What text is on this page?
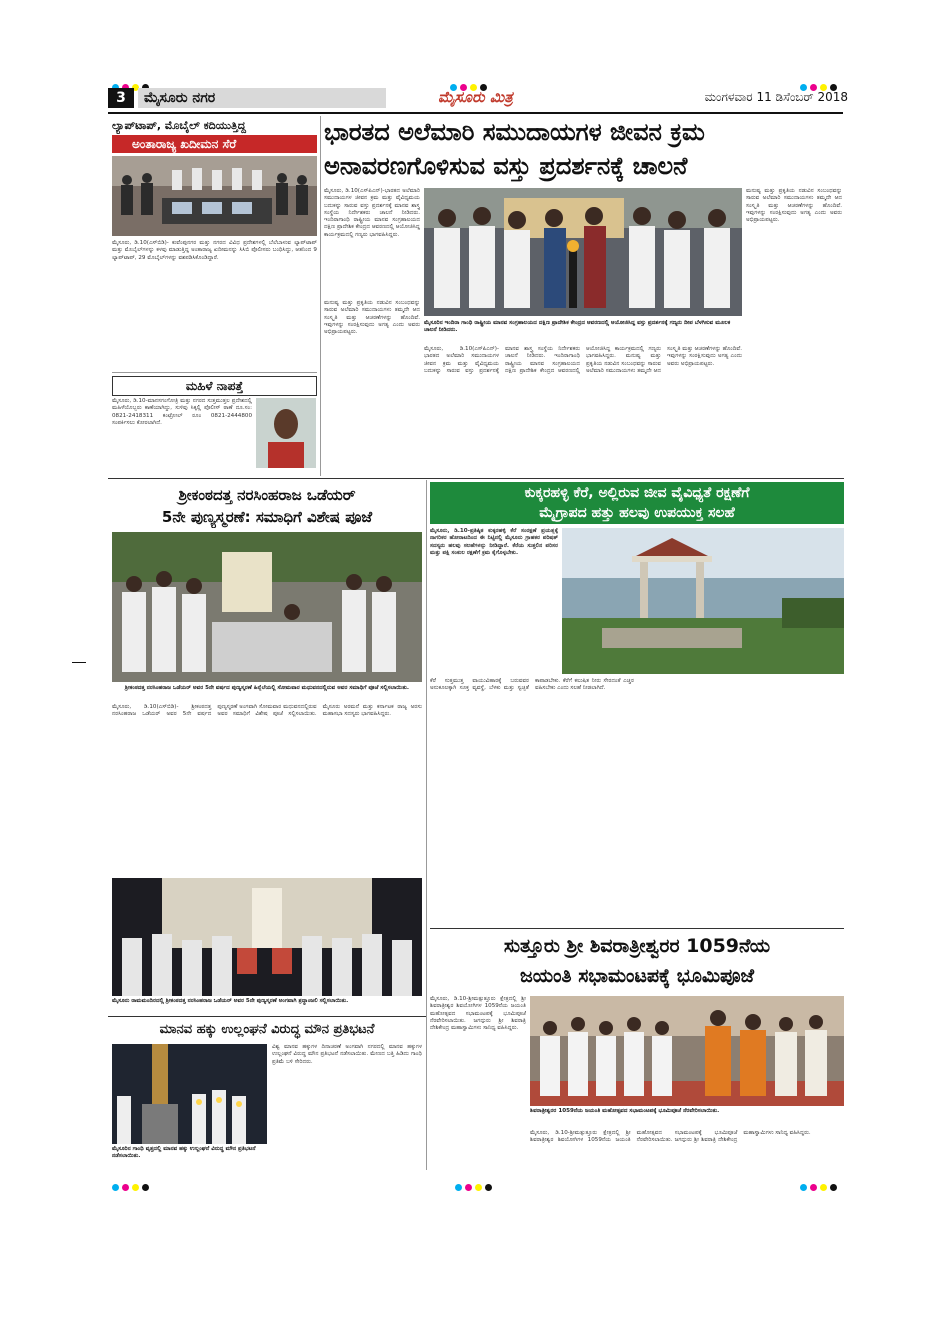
3	ಮೈಸೂರು ನಗರ	ಮೈಸೂರು ಮಿತ್ರ	ಮಂಗಳವಾರ 11 ಡಿಸೆಂಬರ್ 2018
ಲ್ಯಾಪ್‌ಟಾಪ್, ಮೊಬೈಲ್ ಕದಿಯುತ್ತಿದ್ದ
ಅಂತಾರಾಜ್ಯ ಖದೀಮನ ಸೆರೆ
ಮೈಸೂರು, ಡಿ.10(ಎಸ್‌ಬಿಡಿ)- ಕುವೆಂಪುನಗರ ಮತ್ತು ನಗರದ ವಿವಿಧ ಪ್ರದೇಶಗಳಲ್ಲಿ ಬೆಲೆಬಾಳುವ ಲ್ಯಾಪ್‌ಟಾಪ್ ಮತ್ತು ಮೊಬೈಲ್‌ಗಳನ್ನು ಕಳವು ಮಾಡುತ್ತಿದ್ದ ಅಂತಾರಾಜ್ಯ ಖದೀಮನನ್ನು ಸಿಸಿಬಿ ಪೊಲೀಸರು ಬಂಧಿಸಿದ್ದು, ಆತನಿಂದ 9 ಲ್ಯಾಪ್‌ಟಾಪ್, 29 ಮೊಬೈಲ್‌ಗಳನ್ನು ವಶಪಡಿಸಿಕೊಂಡಿದ್ದಾರೆ.
ಮಹಿಳೆ ನಾಪತ್ತೆ
ಮೈಸೂರು, ಡಿ.10-ಮಾನಸಗಂಗೋತ್ರಿ ಮತ್ತು ನಗರದ ಸುತ್ತಮುತ್ತಲ ಪ್ರದೇಶದಲ್ಲಿ ಮಹಿಳೆಯೊಬ್ಬರು ಕಾಣೆಯಾಗಿದ್ದು, ಸುಳಿವು ಸಿಕ್ಕಲ್ಲಿ ಪೊಲೀಸ್ ಠಾಣೆ ದೂ.ಸಂ: 0821-2418311 ಕಂಟ್ರೋಲ್ ರೂಂ 0821-2444800 ಸಂಪರ್ಕಿಸಲು ಕೋರಲಾಗಿದೆ.
ಭಾರತದ ಅಲೆಮಾರಿ ಸಮುದಾಯಗಳ ಜೀವನ ಕ್ರಮ
ಅನಾವರಣಗೊಳಿಸುವ ವಸ್ತು ಪ್ರದರ್ಶನಕ್ಕೆ ಚಾಲನೆ
ಮೈಸೂರು, ಡಿ.10(ಎಸ್‌ಪಿಎನ್)-ಭಾರತದ ಅಲೆಮಾರಿ ಸಮುದಾಯಗಳ ಜೀವನ ಕ್ರಮ ಮತ್ತು ವೈವಿಧ್ಯಮಯ ಬದುಕನ್ನು ಸಾರುವ ವಸ್ತು ಪ್ರದರ್ಶನಕ್ಕೆ ಮಾನವ ಶಾಸ್ತ್ರ ಸಂಸ್ಥೆಯ ನಿರ್ದೇಶಕರು ಚಾಲನೆ ನೀಡಿದರು. ಇಂದಿರಾಗಾಂಧಿ ರಾಷ್ಟ್ರೀಯ ಮಾನವ ಸಂಗ್ರಹಾಲಯದ ದಕ್ಷಿಣ ಪ್ರಾದೇಶಿಕ ಕೇಂದ್ರದ ಆವರಣದಲ್ಲಿ ಆಯೋಜಿಸಿದ್ದ ಕಾರ್ಯಕ್ರಮದಲ್ಲಿ ಗಣ್ಯರು ಭಾಗವಹಿಸಿದ್ದರು.
ಮನುಷ್ಯ ಮತ್ತು ಪ್ರಕೃತಿಯ ನಡುವಿನ ಸಂಬಂಧವನ್ನು ಸಾರುವ ಅಲೆಮಾರಿ ಸಮುದಾಯಗಳು ತಮ್ಮದೇ ಆದ ಸಂಸ್ಕೃತಿ ಮತ್ತು ಆಚರಣೆಗಳನ್ನು ಹೊಂದಿವೆ. ಇವುಗಳನ್ನು ಸಂರಕ್ಷಿಸುವುದು ಅಗತ್ಯ ಎಂದು ಅವರು ಅಭಿಪ್ರಾಯಪಟ್ಟರು.
ಮೈಸೂರಿನ ಇಂದಿರಾ ಗಾಂಧಿ ರಾಷ್ಟ್ರೀಯ ಮಾನವ ಸಂಗ್ರಹಾಲಯದ ದಕ್ಷಿಣ ಪ್ರಾದೇಶಿಕ ಕೇಂದ್ರದ ಆವರಣದಲ್ಲಿ ಆಯೋಜಿಸಿದ್ದ ವಸ್ತು ಪ್ರದರ್ಶನಕ್ಕೆ ಗಣ್ಯರು ದೀಪ ಬೆಳಗಿಸುವ ಮೂಲಕ ಚಾಲನೆ ನೀಡಿದರು.
ಮೈಸೂರು, ಡಿ.10(ಎಸ್‌ಪಿಎನ್)-ಭಾರತದ ಅಲೆಮಾರಿ ಸಮುದಾಯಗಳ ಜೀವನ ಕ್ರಮ ಮತ್ತು ವೈವಿಧ್ಯಮಯ ಬದುಕನ್ನು ಸಾರುವ ವಸ್ತು ಪ್ರದರ್ಶನಕ್ಕೆ ಮಾನವ ಶಾಸ್ತ್ರ ಸಂಸ್ಥೆಯ ನಿರ್ದೇಶಕರು ಚಾಲನೆ ನೀಡಿದರು. ಇಂದಿರಾಗಾಂಧಿ ರಾಷ್ಟ್ರೀಯ ಮಾನವ ಸಂಗ್ರಹಾಲಯದ ದಕ್ಷಿಣ ಪ್ರಾದೇಶಿಕ ಕೇಂದ್ರದ ಆವರಣದಲ್ಲಿ ಆಯೋಜಿಸಿದ್ದ ಕಾರ್ಯಕ್ರಮದಲ್ಲಿ ಗಣ್ಯರು ಭಾಗವಹಿಸಿದ್ದರು. ಮನುಷ್ಯ ಮತ್ತು ಪ್ರಕೃತಿಯ ನಡುವಿನ ಸಂಬಂಧವನ್ನು ಸಾರುವ ಅಲೆಮಾರಿ ಸಮುದಾಯಗಳು ತಮ್ಮದೇ ಆದ ಸಂಸ್ಕೃತಿ ಮತ್ತು ಆಚರಣೆಗಳನ್ನು ಹೊಂದಿವೆ. ಇವುಗಳನ್ನು ಸಂರಕ್ಷಿಸುವುದು ಅಗತ್ಯ ಎಂದು ಅವರು ಅಭಿಪ್ರಾಯಪಟ್ಟರು.
ಮನುಷ್ಯ ಮತ್ತು ಪ್ರಕೃತಿಯ ನಡುವಿನ ಸಂಬಂಧವನ್ನು ಸಾರುವ ಅಲೆಮಾರಿ ಸಮುದಾಯಗಳು ತಮ್ಮದೇ ಆದ ಸಂಸ್ಕೃತಿ ಮತ್ತು ಆಚರಣೆಗಳನ್ನು ಹೊಂದಿವೆ. ಇವುಗಳನ್ನು ಸಂರಕ್ಷಿಸುವುದು ಅಗತ್ಯ ಎಂದು ಅವರು ಅಭಿಪ್ರಾಯಪಟ್ಟರು.
ಶ್ರೀಕಂಠದತ್ತ ನರಸಿಂಹರಾಜ ಒಡೆಯರ್
5ನೇ ಪುಣ್ಯಸ್ಮರಣೆ: ಸಮಾಧಿಗೆ ವಿಶೇಷ ಪೂಜೆ
ಶ್ರೀಕಂಠದತ್ತ ನರಸಿಂಹರಾಜ ಒಡೆಯರ್ ಅವರ 5ನೇ ವರ್ಷದ ಪುಣ್ಯಸ್ಮರಣೆ ಹಿನ್ನೆಲೆಯಲ್ಲಿ ಸೋಮವಾರ ಮಧುವನದಲ್ಲಿರುವ ಅವರ ಸಮಾಧಿಗೆ ಪೂಜೆ ಸಲ್ಲಿಸಲಾಯಿತು.
ಮೈಸೂರು, ಡಿ.10(ಎಸ್‌ಬಿಡಿ)- ಶ್ರೀಕಂಠದತ್ತ ನರಸಿಂಹರಾಜ ಒಡೆಯರ್ ಅವರ 5ನೇ ವರ್ಷದ ಪುಣ್ಯಸ್ಮರಣೆ ಅಂಗವಾಗಿ ಸೋಮವಾರ ಮಧುವನದಲ್ಲಿರುವ ಅವರ ಸಮಾಧಿಗೆ ವಿಶೇಷ ಪೂಜೆ ಸಲ್ಲಿಸಲಾಯಿತು. ಮೈಸೂರು ಅರಮನೆ ಮತ್ತು ಕರ್ನಾಟಕ ರಾಜ್ಯ ಅರಸು ಮಹಾಸಭಾ ಸದಸ್ಯರು ಭಾಗವಹಿಸಿದ್ದರು.
ಮೈಸೂರು ರಾಮಮಂದಿರದಲ್ಲಿ ಶ್ರೀಕಂಠದತ್ತ ನರಸಿಂಹರಾಜ ಒಡೆಯರ್ ಅವರ 5ನೇ ಪುಣ್ಯಸ್ಮರಣೆ ಅಂಗವಾಗಿ ಶ್ರದ್ಧಾಂಜಲಿ ಸಲ್ಲಿಸಲಾಯಿತು.
ಮಾನವ ಹಕ್ಕು ಉಲ್ಲಂಘನೆ ವಿರುದ್ಧ ಮೌನ ಪ್ರತಿಭಟನೆ
ವಿಶ್ವ ಮಾನವ ಹಕ್ಕುಗಳ ದಿನಾಚರಣೆ ಅಂಗವಾಗಿ ನಗರದಲ್ಲಿ ಮಾನವ ಹಕ್ಕುಗಳ ಉಲ್ಲಂಘನೆ ವಿರುದ್ಧ ಮೌನ ಪ್ರತಿಭಟನೆ ನಡೆಸಲಾಯಿತು. ಮೇಣದ ಬತ್ತಿ ಹಿಡಿದು ಗಾಂಧಿ ಪ್ರತಿಮೆ ಬಳಿ ಸೇರಿದರು.
ಮೈಸೂರಿನ ಗಾಂಧಿ ವೃತ್ತದಲ್ಲಿ ಮಾನವ ಹಕ್ಕು ಉಲ್ಲಂಘನೆ ವಿರುದ್ಧ ಮೌನ ಪ್ರತಿಭಟನೆ ನಡೆಸಲಾಯಿತು.
ಕುಕ್ಕರಹಳ್ಳಿ ಕೆರೆ, ಅಲ್ಲಿರುವ ಜೀವ ವೈವಿಧ್ಯತೆ ರಕ್ಷಣೆಗೆ
ಮೈಗ್ರಾಪದ ಹತ್ತು ಹಲವು ಉಪಯುಕ್ತ ಸಲಹೆ
ಮೈಸೂರು, ಡಿ.10-ಪ್ರತಿಷ್ಠಿತ ಕುಕ್ಕರಹಳ್ಳಿ ಕೆರೆ ಸಂರಕ್ಷಣೆ ಪ್ರಯತ್ನಕ್ಕೆ ನಾಗರಿಕರ ಹೋರಾಟದಿಂದ ಈ ನಿಟ್ಟಿನಲ್ಲಿ ಮೈಸೂರು ಗ್ರಾಹಕರ ಪರಿಷತ್ ಸದಸ್ಯರು ಹಲವು ಸಲಹೆಗಳನ್ನು ನೀಡಿದ್ದಾರೆ. ಕೆರೆಯ ಸುತ್ತಲಿನ ಪರಿಸರ ಮತ್ತು ಪಕ್ಷಿ ಸಂಕುಲ ರಕ್ಷಣೆಗೆ ಕ್ರಮ ಕೈಗೊಳ್ಳಬೇಕು.
ಕೆರೆ ಸುತ್ತಮುತ್ತ ವಾಯುವಿಹಾರಕ್ಕೆ ಬರುವವರ ಅನುಕೂಲಕ್ಕಾಗಿ ಸೂಕ್ತ ವ್ಯವಸ್ಥೆ, ಬೆಳಕು ಮತ್ತು ಸ್ವಚ್ಛತೆ ಕಾಪಾಡಬೇಕು. ಕೆರೆಗೆ ಕಲುಷಿತ ನೀರು ಸೇರದಂತೆ ಎಚ್ಚರ ವಹಿಸಬೇಕು ಎಂದು ಸಲಹೆ ನೀಡಲಾಗಿದೆ.
ಸುತ್ತೂರು ಶ್ರೀ ಶಿವರಾತ್ರೀಶ್ವರರ 1059ನೆಯ
ಜಯಂತಿ ಸಭಾಮಂಟಪಕ್ಕೆ ಭೂಮಿಪೂಜೆ
ಮೈಸೂರು, ಡಿ.10-ಶ್ರೀಮತ್ಸುತ್ತೂರು ಕ್ಷೇತ್ರದಲ್ಲಿ ಶ್ರೀ ಶಿವರಾತ್ರೀಶ್ವರ ಶಿವಯೋಗಿಗಳ 1059ನೆಯ ಜಯಂತಿ ಮಹೋತ್ಸವದ ಸಭಾಮಂಟಪಕ್ಕೆ ಭೂಮಿಪೂಜೆ ನೆರವೇರಿಸಲಾಯಿತು. ಜಗದ್ಗುರು ಶ್ರೀ ಶಿವರಾತ್ರಿ ದೇಶಿಕೇಂದ್ರ ಮಹಾಸ್ವಾಮಿಗಳು ಸಾನಿಧ್ಯ ವಹಿಸಿದ್ದರು.
ಶಿವರಾತ್ರೀಶ್ವರರ 1059ನೆಯ ಜಯಂತಿ ಮಹೋತ್ಸವದ ಸಭಾಮಂಟಪಕ್ಕೆ ಭೂಮಿಪೂಜೆ ನೆರವೇರಿಸಲಾಯಿತು.
ಮೈಸೂರು, ಡಿ.10-ಶ್ರೀಮತ್ಸುತ್ತೂರು ಕ್ಷೇತ್ರದಲ್ಲಿ ಶ್ರೀ ಶಿವರಾತ್ರೀಶ್ವರ ಶಿವಯೋಗಿಗಳ 1059ನೆಯ ಜಯಂತಿ ಮಹೋತ್ಸವದ ಸಭಾಮಂಟಪಕ್ಕೆ ಭೂಮಿಪೂಜೆ ನೆರವೇರಿಸಲಾಯಿತು. ಜಗದ್ಗುರು ಶ್ರೀ ಶಿವರಾತ್ರಿ ದೇಶಿಕೇಂದ್ರ ಮಹಾಸ್ವಾಮಿಗಳು ಸಾನಿಧ್ಯ ವಹಿಸಿದ್ದರು.
